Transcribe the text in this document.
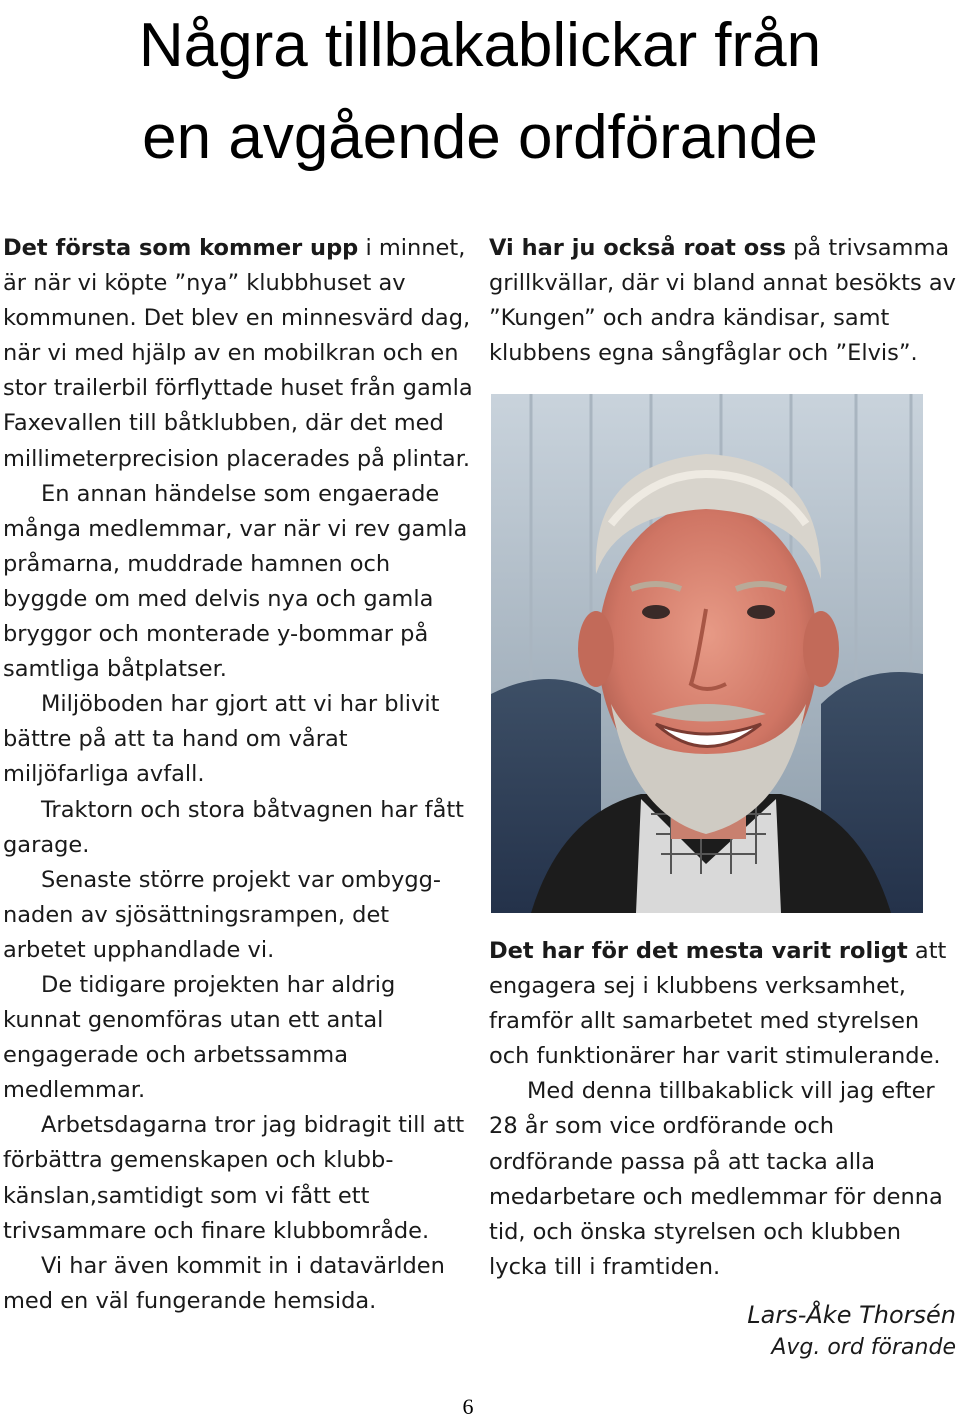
Några tillbakablickar från
en avgående ordförande

Det första som kommer upp i minnet, är när vi köpte ”nya” klubbhuset av kommunen. Det blev en minnesvärd dag, när vi med hjälp av en mobilkran och en stor trailerbil förflyttade huset från gamla Faxevallen till båtklubben, där det med millimeterprecision placerades på plintar.

En annan händelse som engaerade många medlemmar, var när vi rev gamla pråmarna, muddrade hamnen och byggde om med delvis nya och gamla bryggor och monterade y-bommar på samtliga båtplatser.

Miljöboden har gjort att vi har blivit bättre på att ta hand om vårat miljöfarliga avfall.

Traktorn och stora båtvagnen har fått garage.

Senaste större projekt var ombygg-naden av sjösättningsrampen, det arbetet upphandlade vi.

De tidigare projekten har aldrig kunnat genomföras utan ett antal engagerade och arbetssamma medlemmar.

Arbetsdagarna tror jag bidragit till att förbättra gemenskapen och klubb-känslan,samtidigt som vi fått ett trivsammare och finare klubbområde.

Vi har även kommit in i datavärlden med en väl fungerande hemsida.

Vi har ju också roat oss på trivsamma grillkvällar, där vi bland annat besökts av ”Kungen” och andra kändisar, samt klubbens egna sångfåglar och ”Elvis”.

Det har för det mesta varit roligt att engagera sej i klubbens verksamhet, framför allt samarbetet med styrelsen och funktionärer har varit stimulerande.

Med denna tillbakablick vill jag efter 28 år som vice ordförande och ordförande passa på att tacka alla medarbetare och medlemmar för denna tid, och önska styrelsen och klubben lycka till i framtiden.

Lars-Åke Thorsén
Avg. ord förande
6
